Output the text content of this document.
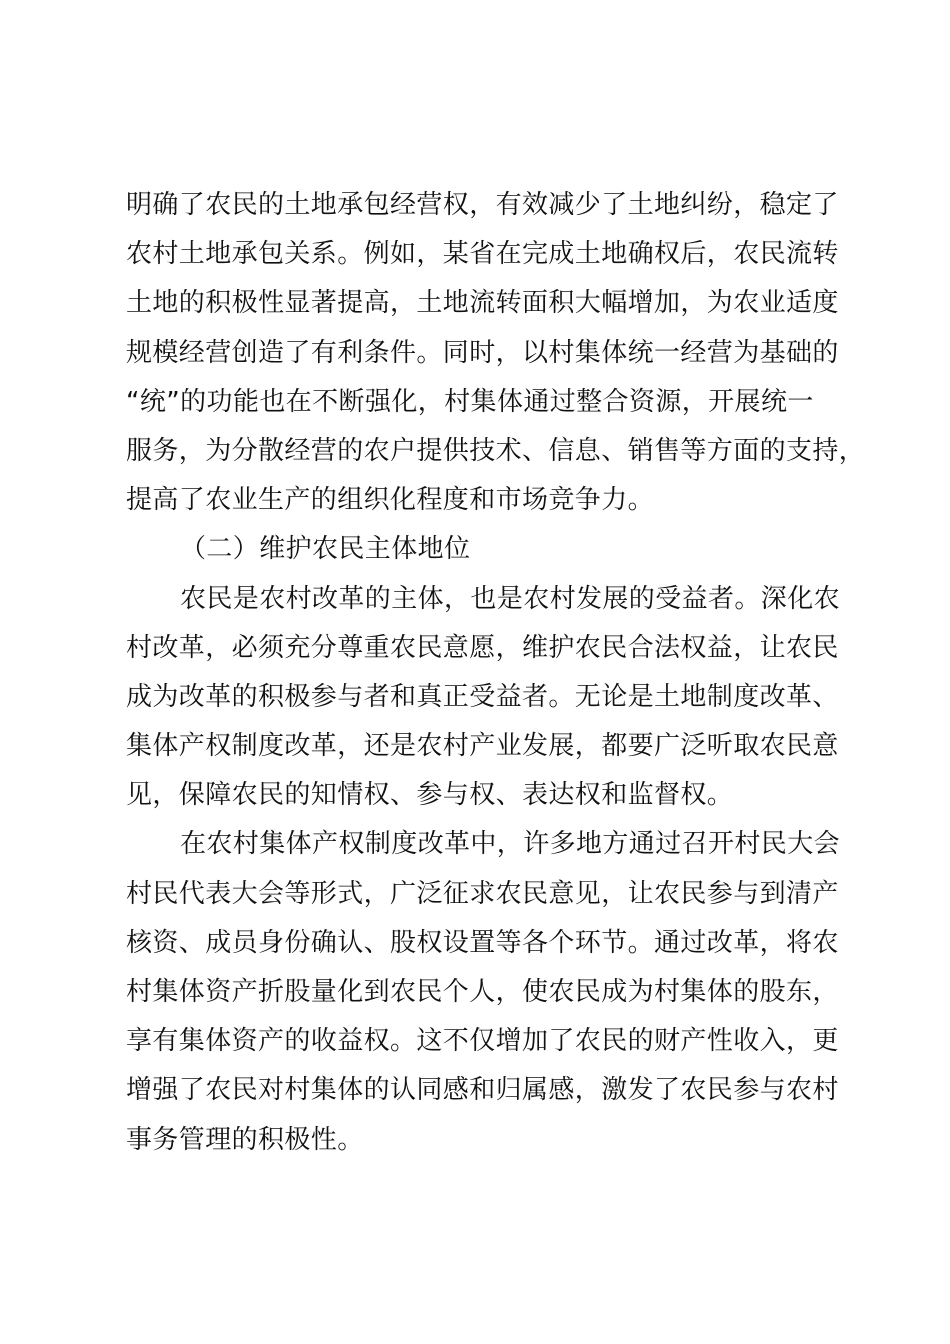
明确了农民的土地承包经营权，有效减少了土地纠纷，稳定了
农村土地承包关系。例如，某省在完成土地确权后，农民流转
土地的积极性显著提高，土地流转面积大幅增加，为农业适度
规模经营创造了有利条件。同时，以村集体统一经营为基础的
“统”的功能也在不断强化，村集体通过整合资源，开展统一
服务，为分散经营的农户提供技术、信息、销售等方面的支持，
提高了农业生产的组织化程度和市场竞争力。
（二）维护农民主体地位
农民是农村改革的主体，也是农村发展的受益者。深化农
村改革，必须充分尊重农民意愿，维护农民合法权益，让农民
成为改革的积极参与者和真正受益者。无论是土地制度改革、
集体产权制度改革，还是农村产业发展，都要广泛听取农民意
见，保障农民的知情权、参与权、表达权和监督权。
在农村集体产权制度改革中，许多地方通过召开村民大会
村民代表大会等形式，广泛征求农民意见，让农民参与到清产
核资、成员身份确认、股权设置等各个环节。通过改革，将农
村集体资产折股量化到农民个人，使农民成为村集体的股东，
享有集体资产的收益权。这不仅增加了农民的财产性收入，更
增强了农民对村集体的认同感和归属感，激发了农民参与农村
事务管理的积极性。
